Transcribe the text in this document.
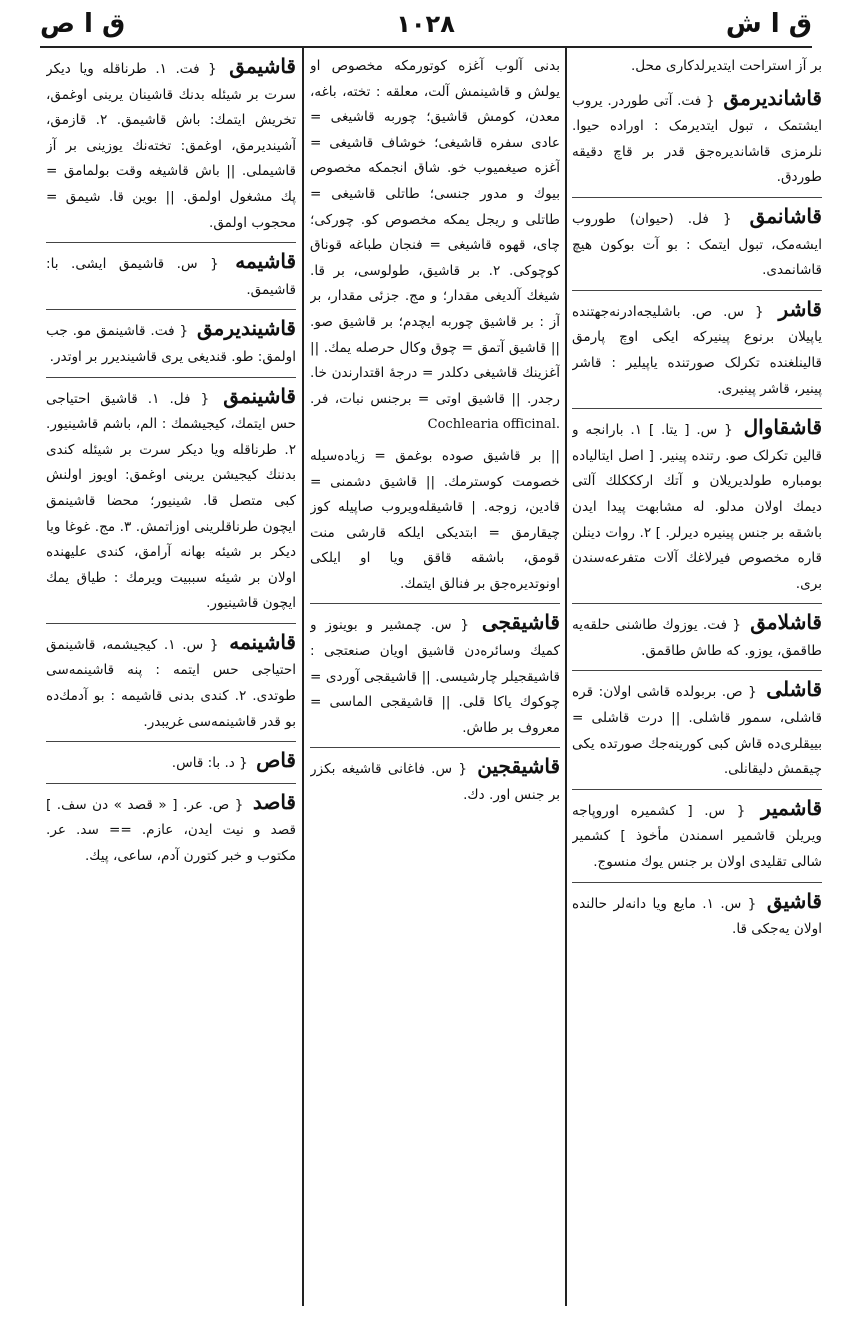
ق ا ص	١٠٢٨	ق ا ش
بر آز استراحت ایتدیرلدکاری محل.
قاشاندیرمق { فت. آتی طوردر. یروب ایشتمک ، تبول ایتدیرمک : اوراده حیوا. نلرمزی قاشاندیره‌جق قدر بر قاچ دقیقه طوردق.
قاشانمق { فل. (حیوان) طوروب ایشه‌مک، تبول ایتمک : بو آت بوکون هیچ قاشانمدی.
قاشر { س. ص. باشلیجه‌ادرنه‌جهتنده یاپیلان برنوع پینیرکه ایکی اوچ پارمق قالینلغنده تکرلک صورتنده یاپیلیر : قاشر پینیر، قاشر پینیری.
قاشقاوال { س. [ یتا. ] ١. بارانجه و قالین تکرلک صو. رتنده پینیر. [ اصل ایتالیاده بومباره طولدیریلان و آتك ارکککلك آلتی دیمك اولان مدلو. له مشابهت پیدا ایدن باشقه بر جنس پینیره دیرلر. ] ٢. روات دینلن قاره مخصوص فیرلاغك آلات متفرعه‌سندن بری.
قاشلامق { فت. یوزوك طاشنی حلقه‌یه طاقمق، یوزو. كه طاش طاقمق.
قاشلی { ص. بربولده قاشی اولان: قره قاشلی، سمور قاشلی. || درت قاشلی = بییقلری‌ده قاش کبی کورینه‌جك صورتده یکی چیقمش دلیقانلی.
قاشمیر { س. [ کشمیره اوروپاجه ویریلن قاشمیر اسمندن مأخوذ ] کشمیر شالی تقلیدی اولان بر جنس یوك منسوج.
قاشیق { س. ١. مایع ویا دانه‌لر حالنده اولان یه‌جکی قا.
بدنی آلوب آغزه کوتورمکه مخصوص او یولش و قاشینمش آلت، معلقه : تخته، باغه، معدن، کومش قاشیق؛ چوربه قاشیغی = عادی سفره قاشیغی؛ خوشاف قاشیغی = آغزه صیغمیوب خو. شاق انجمکه مخصوص بیوك و مدور جنسی؛ طاتلی قاشیغی = طاتلی و ریجل یمکه مخصوص کو. چورکی؛ چای، قهوه قاشیغی = فنجان طباغه قوناق کوچوکی. ٢. بر قاشیق، طولوسی، بر قا. شیغك آلدیغی مقدار؛ و مج. جزئی مقدار، بر آز : بر قاشیق چوربه ایچدم؛ بر قاشیق صو. || قاشیق آتمق = چوق وکال حرصله یمك. || آغزینك قاشیغی دکلدر = درجهٔ اقتدارندن خا. رجدر. || قاشیق اوتی = برجنس نبات، فر. Cochlearia officinal.
|| بر قاشیق صوده بوغمق = زیاده‌سیله خصومت کوسترمك. || قاشیق دشمنی = قادین، زوجه. | قاشیقله‌ویروب صاپیله کوز چیقارمق = ابتدیکی ایلکه قارشی منت قومق، باشقه قاقق ویا او ایلکی اونوتدیره‌جق بر فنالق ایتمك.
قاشیقجی { س. چمشیر و بوینوز و کمیك وسائره‌دن قاشیق اویان صنعتجی : قاشیقجیلر چارشیسی. || قاشیقجی آوردی = چوکوك یاکا قلی. || قاشیقجی الماسی = معروف بر طاش.
قاشیقجین { س. فاغانی قاشیغه بکزر بر جنس اور. دك.
قاشیمق { فت. ١. طرناقله ویا دیکر سرت بر شیئله بدنك قاشینان یرینی اوغمق، تخریش ایتمك: باش قاشیمق. ٢. قازمق، آشیندیرمق، اوغمق: تخته‌نك یوزینی بر آز قاشیملی. || باش قاشیغه وقت بولمامق = پك مشغول اولمق. || بوین قا. شیمق = محجوب اولمق.
قاشیمه { س. قاشیمق ایشی. با: قاشیمق.
قاشیندیرمق { فت. قاشینمق مو. جب اولمق: طو. قندیغی یری قاشیندیرر بر اوتدر.
قاشینمق { فل. ١. قاشیق احتیاجی حس ایتمك، کیجیشمك : الم، باشم قاشینیور. ٢. طرناقله ویا دیکر سرت بر شیئله کندی بدننك کیجیشن یرینی اوغمق: اویوز اولنش کبی متصل قا. شینیور؛ محضا قاشینمق ایچون طرناقلرینی اوزاتمش. ٣. مج. غوغا ویا دیکر بر شیئه بهانه آرامق، کندی علیهنده اولان بر شیئه سببیت ویرمك : طیاق یمك ایچون قاشینیور.
قاشینمه { س. ١. کیجیشمه، قاشینمق احتیاجی حس ایتمه : پنه قاشینمه‌سی طوتدی. ٢. کندی بدنی قاشیمه : بو آدمك‌ده بو قدر قاشینمه‌سی غریبدر.
قاص { د. با: قاس.
قاصد { ص. عر. [ « قصد » دن سف. ] قصد و نیت ایدن، عازم. == سد. عر. مکتوب و خبر کتورن آدم، ساعی، پیك.
